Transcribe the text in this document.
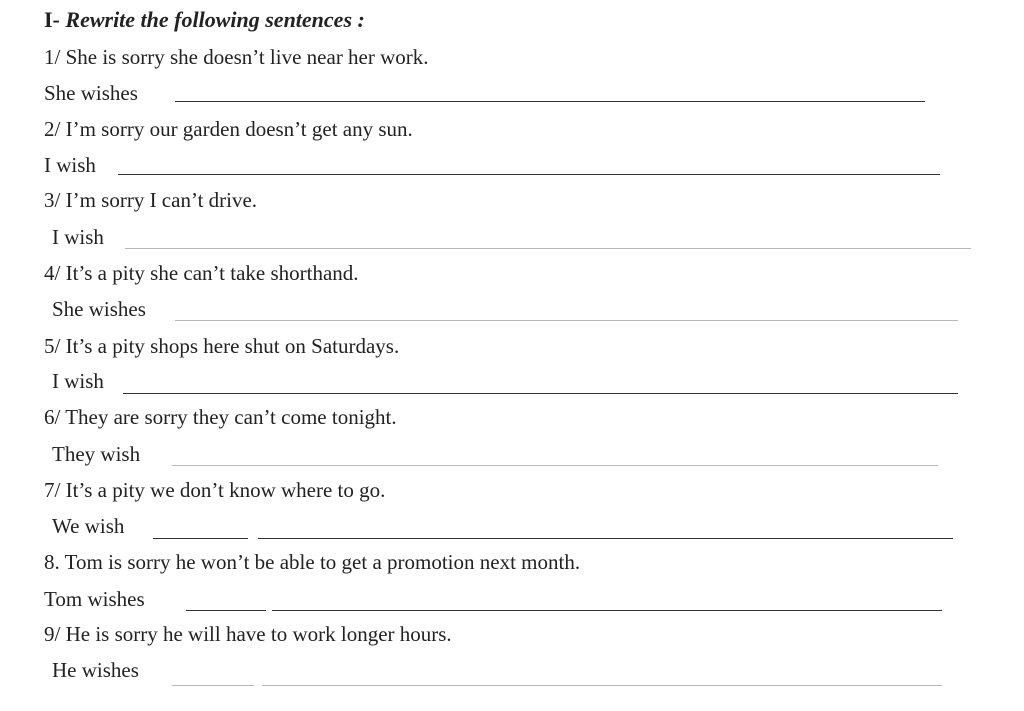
I- Rewrite the following sentences :
1/ She is sorry she doesn’t live near her work.
She wishes
2/ I’m sorry our garden doesn’t get any sun.
I wish
3/ I’m sorry I can’t drive.
I wish
4/ It’s a pity she can’t take shorthand.
She wishes
5/ It’s a pity shops here shut on Saturdays.
I wish
6/ They are sorry they can’t come tonight.
They wish
7/ It’s a pity we don’t know where to go.
We wish
8. Tom is sorry he won’t be able to get a promotion next month.
Tom wishes
9/ He is sorry he will have to work longer hours.
He wishes
